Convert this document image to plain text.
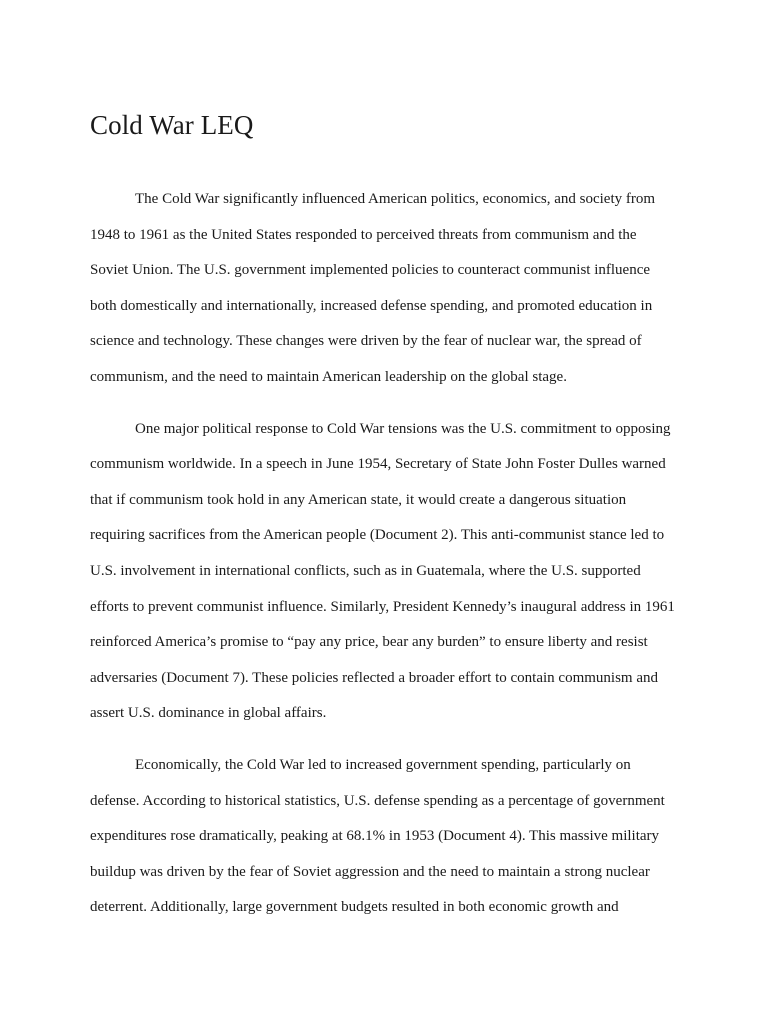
Cold War LEQ
The Cold War significantly influenced American politics, economics, and society from
1948 to 1961 as the United States responded to perceived threats from communism and the
Soviet Union. The U.S. government implemented policies to counteract communist influence
both domestically and internationally, increased defense spending, and promoted education in
science and technology. These changes were driven by the fear of nuclear war, the spread of
communism, and the need to maintain American leadership on the global stage.
One major political response to Cold War tensions was the U.S. commitment to opposing
communism worldwide. In a speech in June 1954, Secretary of State John Foster Dulles warned
that if communism took hold in any American state, it would create a dangerous situation
requiring sacrifices from the American people (Document 2). This anti-communist stance led to
U.S. involvement in international conflicts, such as in Guatemala, where the U.S. supported
efforts to prevent communist influence. Similarly, President Kennedy’s inaugural address in 1961
reinforced America’s promise to “pay any price, bear any burden” to ensure liberty and resist
adversaries (Document 7). These policies reflected a broader effort to contain communism and
assert U.S. dominance in global affairs.
Economically, the Cold War led to increased government spending, particularly on
defense. According to historical statistics, U.S. defense spending as a percentage of government
expenditures rose dramatically, peaking at 68.1% in 1953 (Document 4). This massive military
buildup was driven by the fear of Soviet aggression and the need to maintain a strong nuclear
deterrent. Additionally, large government budgets resulted in both economic growth and
